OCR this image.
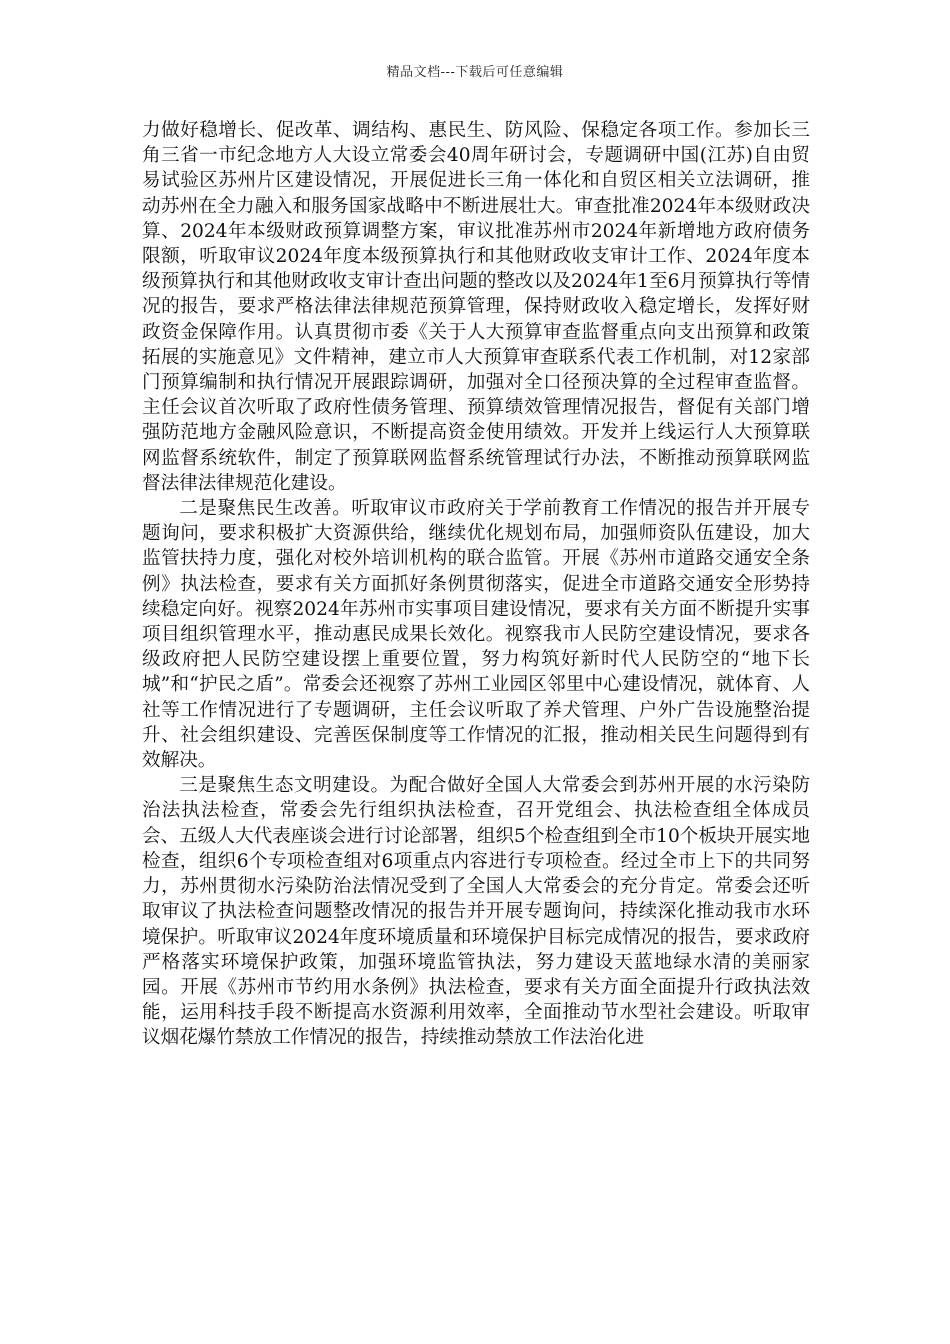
精品文档---下载后可任意编辑

力做好稳增长、促改革、调结构、惠民生、防风险、保稳定各项工作。参加长三角三省一市纪念地方人大设立常委会40周年研讨会，专题调研中国(江苏)自由贸易试验区苏州片区建设情况，开展促进长三角一体化和自贸区相关立法调研，推动苏州在全力融入和服务国家战略中不断进展壮大。审查批准2024年本级财政决算、2024年本级财政预算调整方案，审议批准苏州市2024年新增地方政府债务限额，听取审议2024年度本级预算执行和其他财政收支审计工作、2024年度本级预算执行和其他财政收支审计查出问题的整改以及2024年1至6月预算执行等情况的报告，要求严格法律法律规范预算管理，保持财政收入稳定增长，发挥好财政资金保障作用。认真贯彻市委《关于人大预算审查监督重点向支出预算和政策拓展的实施意见》文件精神，建立市人大预算审查联系代表工作机制，对12家部门预算编制和执行情况开展跟踪调研，加强对全口径预决算的全过程审查监督。主任会议首次听取了政府性债务管理、预算绩效管理情况报告，督促有关部门增强防范地方金融风险意识，不断提高资金使用绩效。开发并上线运行人大预算联网监督系统软件，制定了预算联网监督系统管理试行办法，不断推动预算联网监督法律法律规范化建设。

二是聚焦民生改善。听取审议市政府关于学前教育工作情况的报告并开展专题询问，要求积极扩大资源供给，继续优化规划布局，加强师资队伍建设，加大监管扶持力度，强化对校外培训机构的联合监管。开展《苏州市道路交通安全条例》执法检查，要求有关方面抓好条例贯彻落实，促进全市道路交通安全形势持续稳定向好。视察2024年苏州市实事项目建设情况，要求有关方面不断提升实事项目组织管理水平，推动惠民成果长效化。视察我市人民防空建设情况，要求各级政府把人民防空建设摆上重要位置，努力构筑好新时代人民防空的“地下长城”和“护民之盾”。常委会还视察了苏州工业园区邻里中心建设情况，就体育、人社等工作情况进行了专题调研，主任会议听取了养犬管理、户外广告设施整治提升、社会组织建设、完善医保制度等工作情况的汇报，推动相关民生问题得到有效解决。

三是聚焦生态文明建设。为配合做好全国人大常委会到苏州开展的水污染防治法执法检查，常委会先行组织执法检查，召开党组会、执法检查组全体成员会、五级人大代表座谈会进行讨论部署，组织5个检查组到全市10个板块开展实地检查，组织6个专项检查组对6项重点内容进行专项检查。经过全市上下的共同努力，苏州贯彻水污染防治法情况受到了全国人大常委会的充分肯定。常委会还听取审议了执法检查问题整改情况的报告并开展专题询问，持续深化推动我市水环境保护。听取审议2024年度环境质量和环境保护目标完成情况的报告，要求政府严格落实环境保护政策，加强环境监管执法，努力建设天蓝地绿水清的美丽家园。开展《苏州市节约用水条例》执法检查，要求有关方面全面提升行政执法效能，运用科技手段不断提高水资源利用效率，全面推动节水型社会建设。听取审议烟花爆竹禁放工作情况的报告，持续推动禁放工作法治化进
